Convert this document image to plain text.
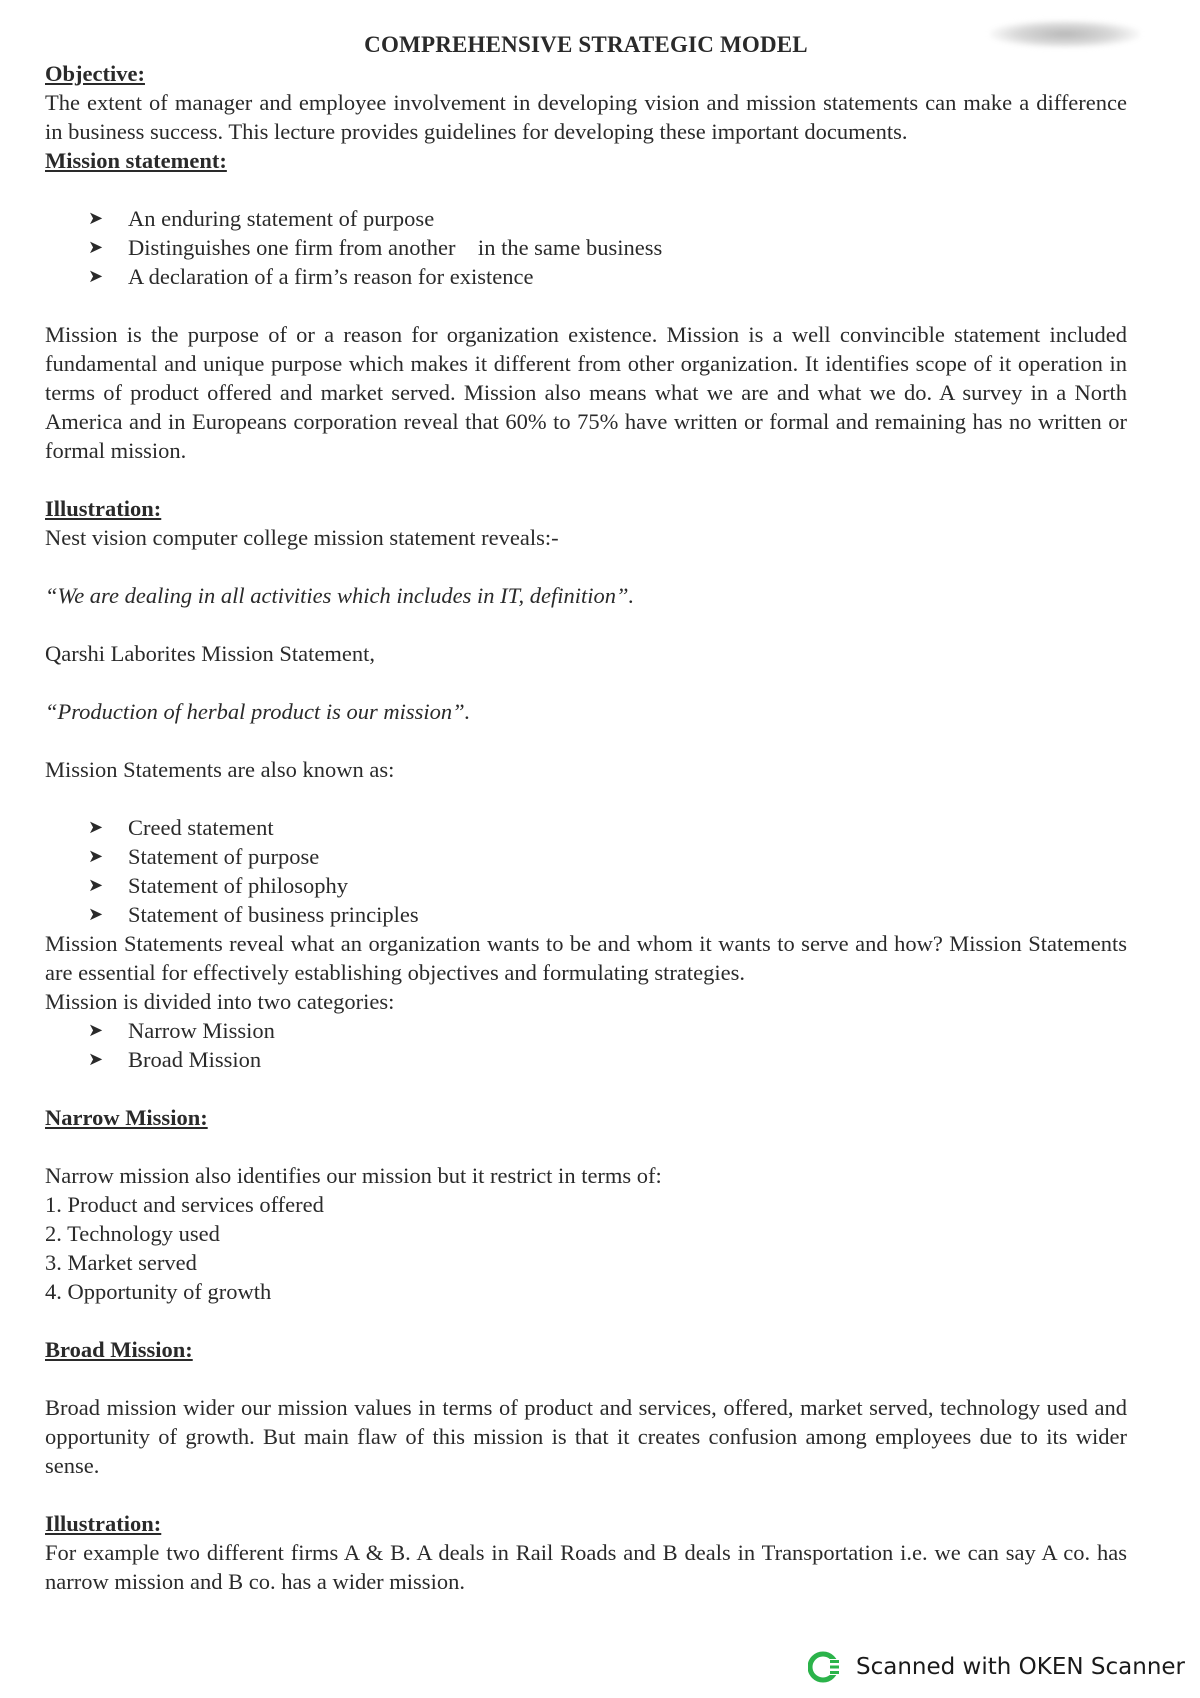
COMPREHENSIVE STRATEGIC MODEL
Objective:

The extent of manager and employee involvement in developing vision and mission statements can make a difference in business success. This lecture provides guidelines for developing these important documents.

Mission statement:
➤ An enduring statement of purpose
➤ Distinguishes one firm from another    in the same business
➤ A declaration of a firm’s reason for existence

Mission is the purpose of or a reason for organization existence. Mission is a well convincible statement included fundamental and unique purpose which makes it different from other organization. It identifies scope of it operation in terms of product offered and market served. Mission also means what we are and what we do. A survey in a North America and in Europeans corporation reveal that 60% to 75% have written or formal and remaining has no written or formal mission.

Illustration:

Nest vision computer college mission statement reveals:-

“We are dealing in all activities which includes in IT, definition”.

Qarshi Laborites Mission Statement,

“Production of herbal product is our mission”.

Mission Statements are also known as:

➤ Creed statement
➤ Statement of purpose
➤ Statement of philosophy
➤ Statement of business principles

Mission Statements reveal what an organization wants to be and whom it wants to serve and how? Mission Statements are essential for effectively establishing objectives and formulating strategies.

Mission is divided into two categories:

➤ Narrow Mission
➤ Broad Mission
Narrow Mission:

Narrow mission also identifies our mission but it restrict in terms of:

1. Product and services offered
2. Technology used
3. Market served
4. Opportunity of growth
Broad Mission:

Broad mission wider our mission values in terms of product and services, offered, market served, technology used and opportunity of growth. But main flaw of this mission is that it creates confusion among employees due to its wider sense.

Illustration:

For example two different firms A & B. A deals in Rail Roads and B deals in Transportation i.e. we can say A co. has narrow mission and B co. has a wider mission.

Scanned with OKEN Scanner
